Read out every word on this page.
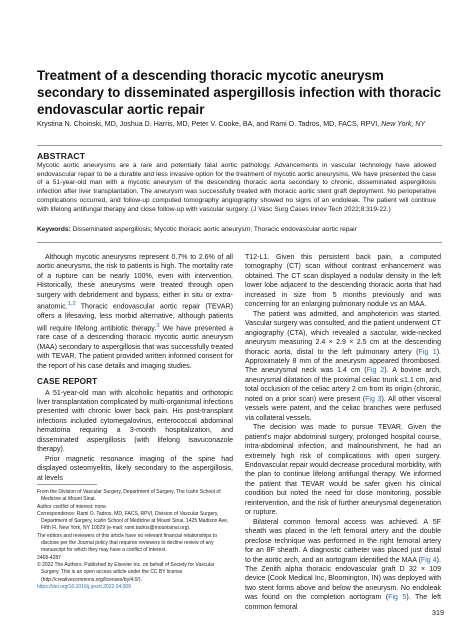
Treatment of a descending thoracic mycotic aneurysm secondary to disseminated aspergillosis infection with thoracic endovascular aortic repair
Krystina N. Choinski, MD, Joshua D. Harris, MD, Peter V. Cooke, BA, and Rami O. Tadros, MD, FACS, RPVI, New York, NY
ABSTRACT
Mycotic aortic aneurysms are a rare and potentially fatal aortic pathology. Advancements in vascular technology have allowed endovascular repair to be a durable and less invasive option for the treatment of mycotic aortic aneurysms. We have presented the case of a 51-year-old man with a mycotic aneurysm of the descending thoracic aorta secondary to chronic, disseminated aspergillosis infection after liver transplantation. The aneurysm was successfully treated with thoracic aortic stent graft deployment. No perioperative complications occurred, and follow-up computed tomography angiography showed no signs of an endoleak. The patient will continue with lifelong antifungal therapy and close follow-up with vascular surgery. (J Vasc Surg Cases Innov Tech 2022;8:319-22.)
Keywords: Disseminated aspergillosis; Mycotic thoracic aortic aneurysm; Thoracic endovascular aortic repair

Although mycotic aneurysms represent 0.7% to 2.6% of all aortic aneurysms, the risk to patients is high. The mortality rate of a rupture can be nearly 100%, even with intervention. Historically, these aneurysms were treated through open surgery with debridement and bypass, either in situ or extra-anatomic.$^{1,2}$ Thoracic endovascular aortic repair (TEVAR) offers a lifesaving, less morbid alternative, although patients will require lifelong antibiotic therapy.$^3$ We have presented a rare case of a descending thoracic mycotic aortic aneurysm (MAA) secondary to aspergillosis that was successfully treated with TEVAR. The patient provided written informed consent for the report of his case details and imaging studies.

CASE REPORT

A 51-year-old man with alcoholic hepatitis and orthotopic liver transplantation complicated by multi-organismal infections presented with chronic lower back pain. His post-transplant infections included cytomegalovirus, enterococcal abdominal hematoma requiring a 3-month hospitalization, and disseminated aspergillosis (with lifelong isavuconazole therapy).

Prior magnetic resonance imaging of the spine had displayed osteomyelitis, likely secondary to the aspergillosis, at levels

From the Division of Vascular Surgery, Department of Surgery, The Icahn School of Medicine at Mount Sinai.

Author conflict of interest: none.

Correspondence: Rami O. Tadros, MD, FACS, RPVI, Division of Vascular Surgery, Department of Surgery, Icahn School of Medicine at Mount Sinai, 1425 Madison Ave, Fifth Fl, New York, NY 10029 (e-mail: rami.tadros@mountsinai.org).

The editors and reviewers of this article have no relevant financial relationships to disclose per the Journal policy that requires reviewers to decline review of any manuscript for which they may have a conflict of interest.

2468-4287

© 2022 The Authors. Published by Elsevier Inc. on behalf of Society for Vascular Surgery. This is an open access article under the CC BY license (http://creativecommons.org/licenses/by/4.0/).

https://doi.org/10.1016/j.jvscit.2022.04.009

T12-L1. Given this persistent back pain, a computed tomography (CT) scan without contrast enhancement was obtained. The CT scan displayed a nodular density in the left lower lobe adjacent to the descending thoracic aorta that had increased in size from 5 months previously and was concerning for an enlarging pulmonary nodule vs an MAA.

The patient was admitted, and amphotericin was started. Vascular surgery was consulted, and the patient underwent CT angiography (CTA), which revealed a saccular, wide-necked aneurysm measuring 2.4 × 2.9 × 2.5 cm at the descending thoracic aorta, distal to the left pulmonary artery (Fig 1). Approximately 8 mm of the aneurysm appeared thrombosed. The aneurysmal neck was 1.4 cm (Fig 2). A bovine arch, aneurysmal dilatation of the proximal celiac trunk ≤1.1 cm, and total occlusion of the celiac artery 2 cm from its origin (chronic, noted on a prior scan) were present (Fig 3). All other visceral vessels were patent, and the celiac branches were perfused via collateral vessels.

The decision was made to pursue TEVAR. Given the patient's major abdominal surgery, prolonged hospital course, intra-abdominal infection, and malnourishment, he had an extremely high risk of complications with open surgery. Endovascular repair would decrease procedural morbidity, with the plan to continue lifelong antifungal therapy. We informed the patient that TEVAR would be safer given his clinical condition but noted the need for close monitoring, possible reintervention, and the risk of further aneurysmal degeneration or rupture.

Bilateral common femoral access was achieved. A 5F sheath was placed in the left femoral artery and the double preclose technique was performed in the right femoral artery for an 8F sheath. A diagnostic catheter was placed just distal to the aortic arch, and an aortogram identified the MAA (Fig 4). The Zenith alpha thoracic endovascular graft D 32 × 109 device (Cook Medical Inc, Bloomington, IN) was deployed with two stent forms above and below the aneurysm. No endoleak was found on the completion aortogram (Fig 5). The left common femoral

319
